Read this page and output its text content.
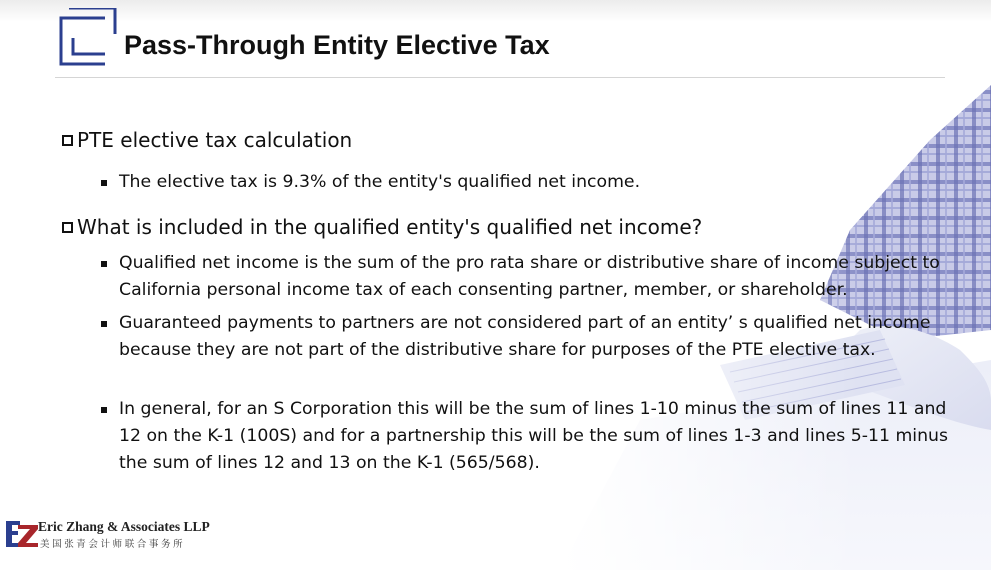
Pass-Through Entity Elective Tax
PTE elective tax calculation
The elective tax is 9.3% of the entity's qualified net income.
What is included in the qualified entity's qualified net income?
Qualified net income is the sum of the pro rata share or distributive share of income subject to California personal income tax of each consenting partner, member, or shareholder.
Guaranteed payments to partners are not considered part of an entity’ s qualified net income because they are not part of the distributive share for purposes of the PTE elective tax.
In general, for an S Corporation this will be the sum of lines 1-10 minus the sum of lines 11 and 12 on the K-1 (100S) and for a partnership this will be the sum of lines 1-3 and lines 5-11 minus the sum of lines 12 and 13 on the K-1 (565/568).
Eric Zhang & Associates LLP
美国张青会计师联合事务所
